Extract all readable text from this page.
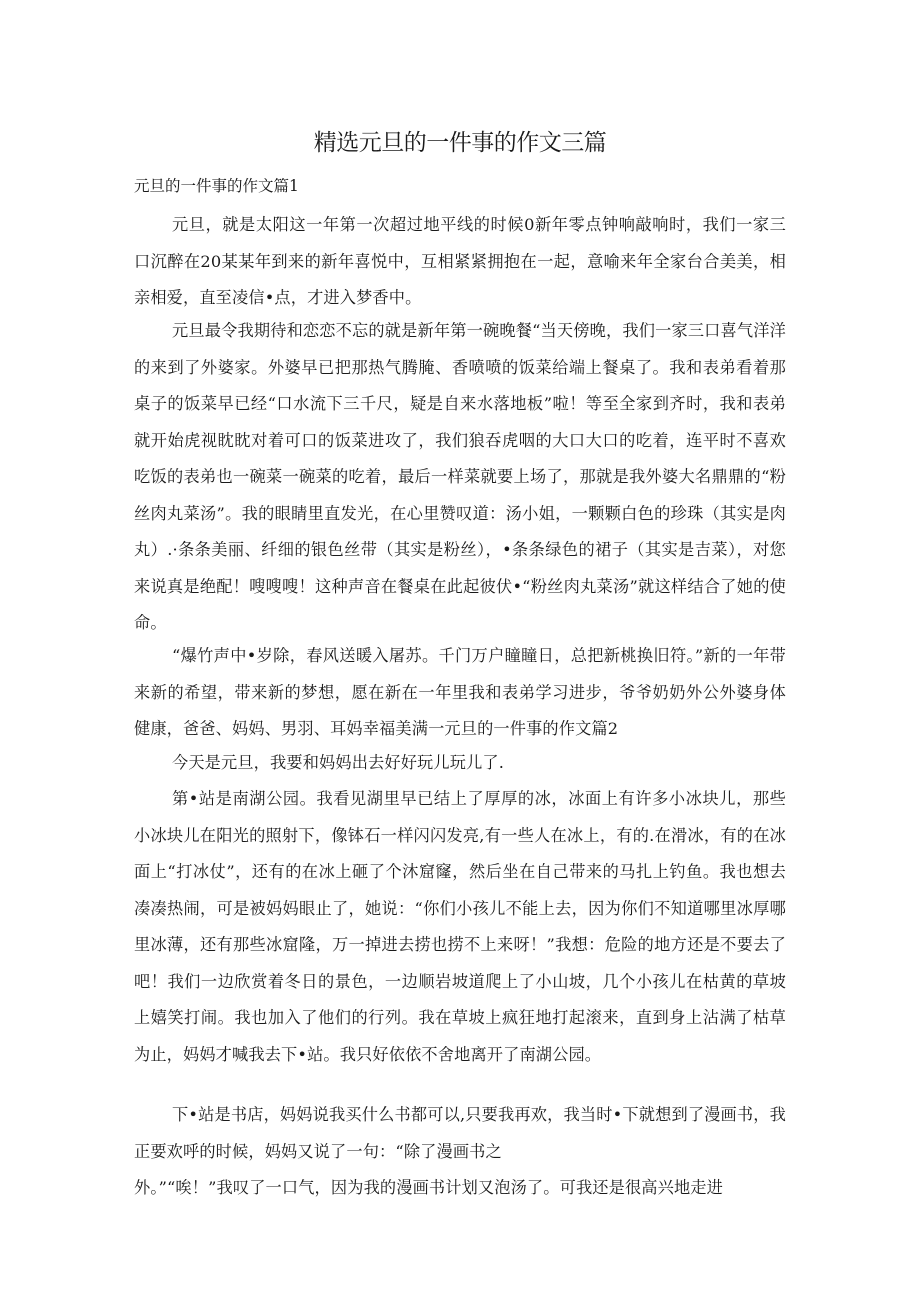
精选元旦的一件事的作文三篇

元旦的一件事的作文篇1

元旦，就是太阳这一年第一次超过地平线的时候0新年零点钟响敲响时，我们一家三口沉醉在20某某年到来的新年喜悦中，互相紧紧拥抱在一起，意喻来年全家台合美美，相亲相爱，直至凌信•点，才进入梦香中。

元旦最令我期待和恋恋不忘的就是新年第一碗晚餐“当天傍晚，我们一家三口喜气洋洋的来到了外婆家。外婆早已把那热气腾腌、香喷喷的饭菜给端上餐桌了。我和表弟看着那桌子的饭菜早已经“口水流下三千尺，疑是自来水落地板”啦！等至全家到齐时，我和表弟就开始虎视眈眈对着可口的饭菜进攻了，我们狼吞虎咽的大口大口的吃着，连平时不喜欢吃饭的表弟也一碗菜一碗菜的吃着，最后一样菜就要上场了，那就是我外婆大名鼎鼎的“粉丝肉丸菜汤”。我的眼睛里直发光，在心里赞叹道：汤小姐，一颗颗白色的珍珠（其实是肉丸）.·条条美丽、纤细的银色丝带（其实是粉丝），•条条绿色的裙子（其实是吉菜），对您来说真是绝配！嗖嗖嗖！这种声音在餐桌在此起彼伏•“粉丝肉丸菜汤”就这样结合了她的使命。

“爆竹声中•岁除，春风送暖入屠苏。千门万户瞳瞳日，总把新桃换旧符。”新的一年带来新的希望，带来新的梦想，愿在新在一年里我和表弟学习进步，爷爷奶奶外公外婆身体健康，爸爸、妈妈、男羽、耳妈幸福美满一元旦的一件事的作文篇2

今天是元旦，我要和妈妈出去好好玩儿玩儿了.

第•站是南湖公园。我看见湖里早已结上了厚厚的冰，冰面上有许多小冰块儿，那些小冰块儿在阳光的照射下，像钵石一样闪闪发亮,有一些人在冰上，有的.在滑冰，有的在冰面上“打冰仗”，还有的在冰上砸了个沐窟窿，然后坐在自己带来的马扎上钓鱼。我也想去凑凑热闹，可是被妈妈眼止了，她说：“你们小孩儿不能上去，因为你们不知道哪里冰厚哪里冰薄，还有那些冰窟隆，万一掉进去捞也捞不上来呀！”我想：危险的地方还是不要去了吧！我们一边欣赏着冬日的景色，一边顺岩坡道爬上了小山坡，几个小孩儿在枯黄的草坡上嬉笑打闹。我也加入了他们的行列。我在草坡上疯狂地打起滚来，直到身上沾满了枯草为止，妈妈才喊我去下•站。我只好依依不舍地离开了南湖公园。

下•站是书店，妈妈说我买什么书都可以,只要我再欢，我当时•下就想到了漫画书，我正要欢呼的时候，妈妈又说了一句：“除了漫画书之

外。”“唉！”我叹了一口气，因为我的漫画书计划又泡汤了。可我还是很高兴地走进
